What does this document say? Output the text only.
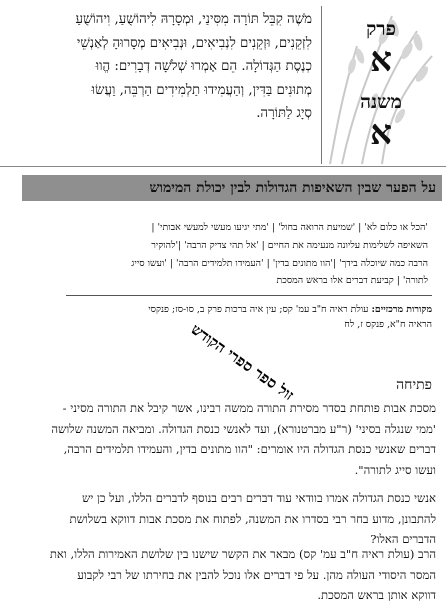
מֹשֶׁה קִבֵּל תּוֹרָה מִסִּינַי, וּמְסָרָהּ לִיהוֹשֻׁעַ, וִיהוֹשֻׁעַ
לִזְקֵנִים, וּזְקֵנִים לִנְבִיאִים, וּנְבִיאִים מְסָרוּהָ לְאַנְשֵׁי
כְנֶסֶת הַגְּדוֹלָה. הֵם אָמְרוּ שְׁלֹשָׁה דְבָרִים: הֱווּ
מְתוּנִים בַּדִּין, וְהַעֲמִידוּ תַלְמִידִים הַרְבֵּה, וַעֲשׂוּ
סְיָג לַתּוֹרָה.
פרק
א
משנה
א
על הפער שבין השאיפות הגדולות לבין יכולת המימוש
'הכל או כלום לא' | 'שמיעת הרואה בחול' | 'מתי יגיעו מעשי למעשי אבותי' |
השאיפה לשלימות עליונה מנעימה את החיים | 'אל תהי צדיק הרבה' |'להוקיר
הרבה כמה שיוכלה בידך' |'הוו מתונים בדין' | 'העמידו תלמידים הרבה' | 'ועשו סייג
לתורה' | קביעת דברים אלו בראש המסכת
מקורות מרכזיים: עולת ראיה ח"ב עמ' קס; עין איה ברכות פרק ב, סו-סז; פנקסי
הראיה ח"א, פנקס ז, לח
זול ספר ספרי הקודש	פתיחה
מסכת אבות פותחת בסדר מסירת התורה ממשה רבינו, אשר קיבל את התורה מסיני -
'ממי שנגלה בסיני' (ר"ע מברטנורא), ועד לאנשי כנסת הגדולה. ומביאה המשנה שלושה
דברים שאנשי כנסת הגדולה היו אומרים: "הוו מתונים בדין, והעמידו תלמידים הרבה,
ועשו סייג לתורה".
אנשי כנסת הגדולה אמרו בוודאי עוד דברים רבים בנוסף לדברים הללו, ועל כן יש
להתבונן, מדוע בחר רבי בסדרו את המשנה, לפתוח את מסכת אבות דווקא בשלושת
הדברים האלו?
הרב (עולת ראיה ח"ב עמ' קס) מבאר את הקשר שישנו בין שלושת האמירות הללו, ואת
המסר היסודי העולה מהן. על פי דברים אלו נוכל להבין את בחירתו של רבי לקבוע
דווקא אותן בראש המסכת.
